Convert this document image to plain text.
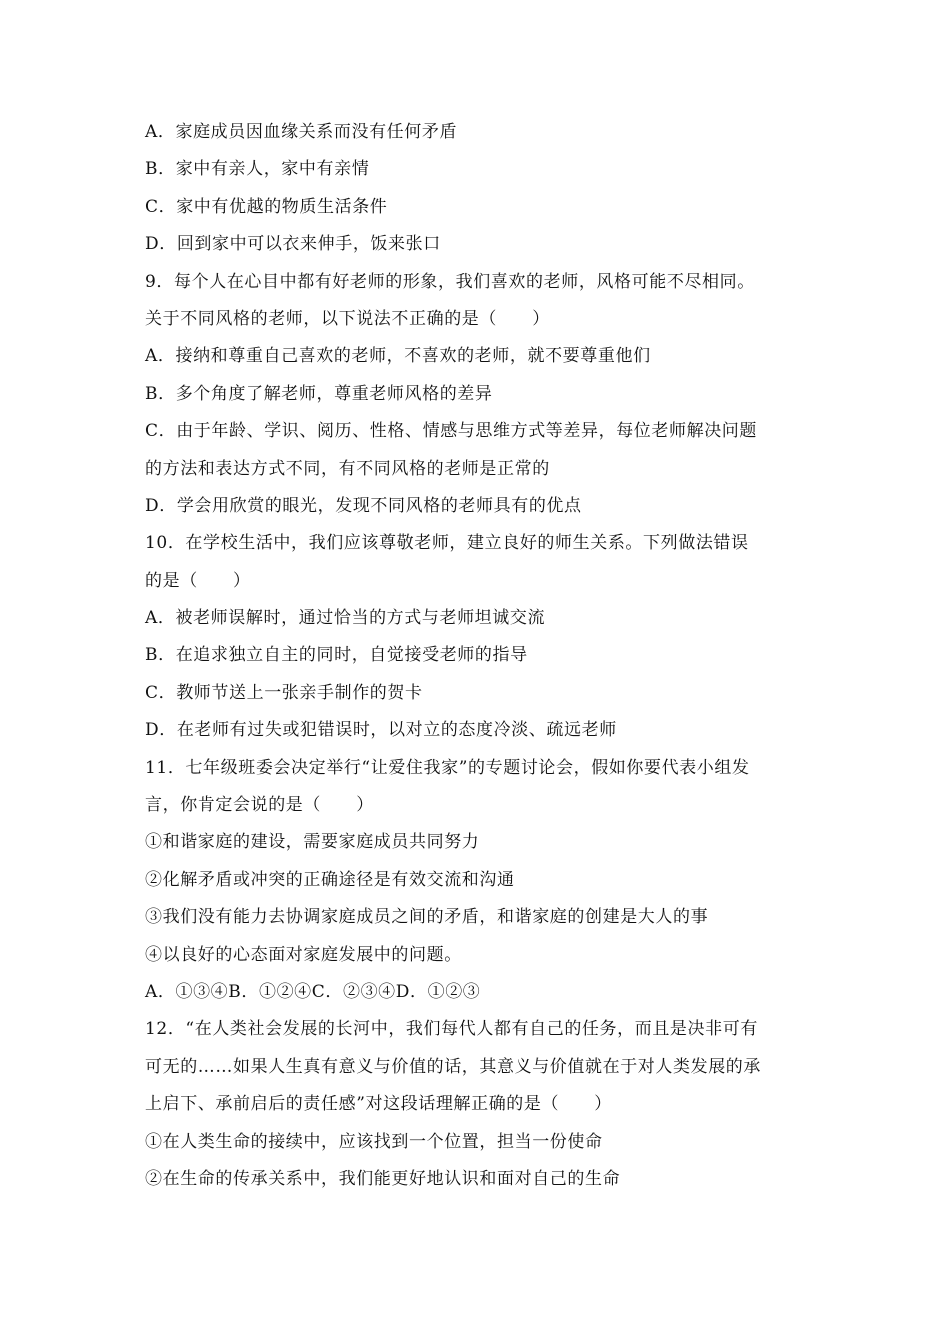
A．家庭成员因血缘关系而没有任何矛盾
B．家中有亲人，家中有亲情
C．家中有优越的物质生活条件
D．回到家中可以衣来伸手，饭来张口
9．每个人在心目中都有好老师的形象，我们喜欢的老师，风格可能不尽相同。
关于不同风格的老师，以下说法不正确的是（　　）
A．接纳和尊重自己喜欢的老师，不喜欢的老师，就不要尊重他们
B．多个角度了解老师，尊重老师风格的差异
C．由于年龄、学识、阅历、性格、情感与思维方式等差异，每位老师解决问题
的方法和表达方式不同，有不同风格的老师是正常的
D．学会用欣赏的眼光，发现不同风格的老师具有的优点
10．在学校生活中，我们应该尊敬老师，建立良好的师生关系。下列做法错误
的是（　　）
A．被老师误解时，通过恰当的方式与老师坦诚交流
B．在追求独立自主的同时，自觉接受老师的指导
C．教师节送上一张亲手制作的贺卡
D．在老师有过失或犯错误时，以对立的态度冷淡、疏远老师
11．七年级班委会决定举行“让爱住我家”的专题讨论会，假如你要代表小组发
言，你肯定会说的是（　　）
①和谐家庭的建设，需要家庭成员共同努力
②化解矛盾或冲突的正确途径是有效交流和沟通
③我们没有能力去协调家庭成员之间的矛盾，和谐家庭的创建是大人的事
④以良好的心态面对家庭发展中的问题。
A．①③④B．①②④C．②③④D．①②③
12．“在人类社会发展的长河中，我们每代人都有自己的任务，而且是决非可有
可无的……如果人生真有意义与价值的话，其意义与价值就在于对人类发展的承
上启下、承前启后的责任感”对这段话理解正确的是（　　）
①在人类生命的接续中，应该找到一个位置，担当一份使命
②在生命的传承关系中，我们能更好地认识和面对自己的生命
